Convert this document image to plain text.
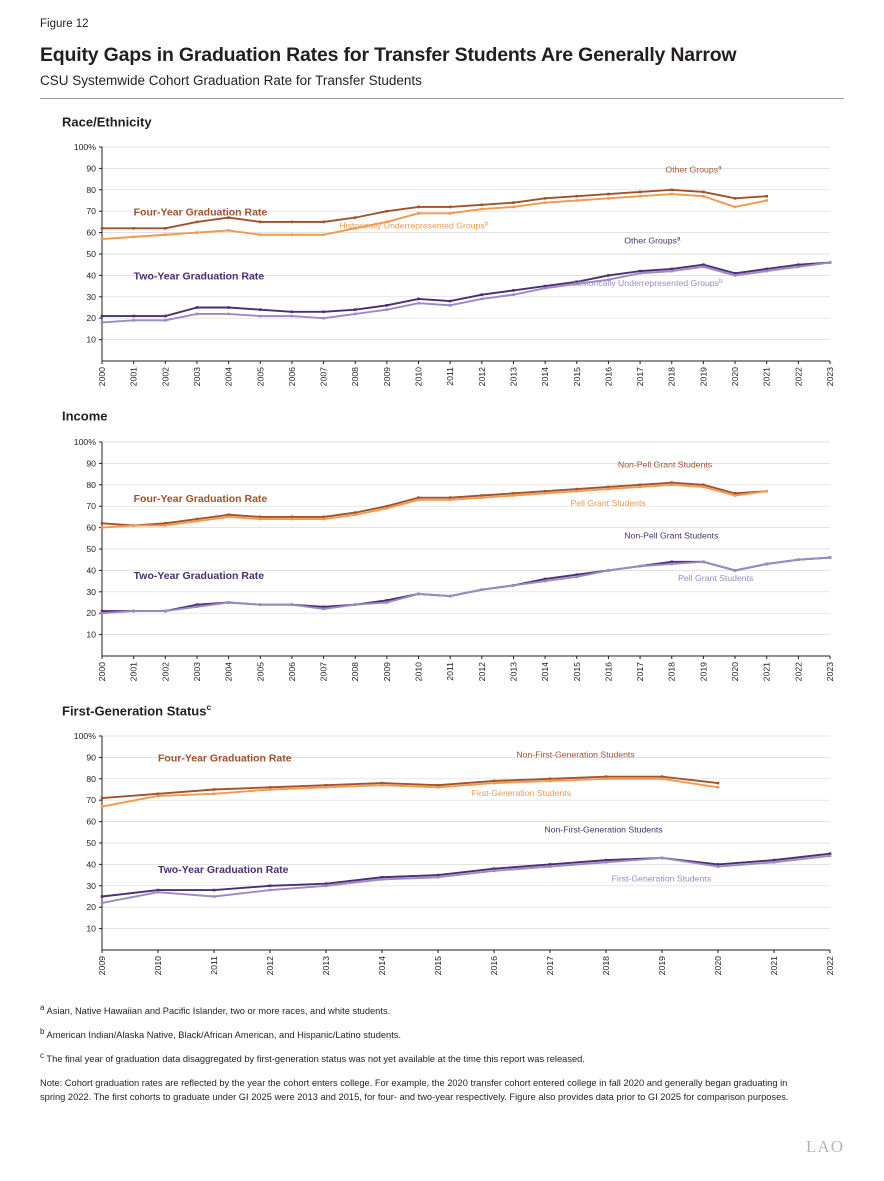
Figure 12
Equity Gaps in Graduation Rates for Transfer Students Are Generally Narrow
CSU Systemwide Cohort Graduation Rate for Transfer Students
Race/Ethnicity
10
20
30
40
50
60
70
80
90
100%
2000 2001 2002 2003 2004 2005 2006 2007 2008 2009 2010 2011 2012 2013 2014 2015 2016 2017 2018 2019 2020 2021 2022 2023
Other Groups$^a$
Historically Underrepresented Groups$^b$
Other Groups$^a$
Historically Underrepresented Groups$^b$
Four-Year Graduation Rate
Two-Year Graduation Rate
Income
10
20
30
40
50
60
70
80
90
100%
2000 2001 2002 2003 2004 2005 2006 2007 2008 2009 2010 2011 2012 2013 2014 2015 2016 2017 2018 2019 2020 2021 2022 2023
Non-Pell Grant Students
Pell Grant Students
Non-Pell Grant Students
Pell Grant Students
Four-Year Graduation Rate
Two-Year Graduation Rate
First-Generation Status$^c$
10
20
30
40
50
60
70
80
90
100%
2009	2010	2011	2012	2013	2014	2015	2016	2017	2018	2019	2020	2021	2022
Non-First-Generation Students
First-Generation Students
Non-First-Generation Students
First-Generation Students
Four-Year Graduation Rate
Two-Year Graduation Rate
$^a$ Asian, Native Hawaiian and Pacific Islander, two or more races, and white students.
$^b$ American Indian/Alaska Native, Black/African American, and Hispanic/Latino students.
$^c$ The final year of graduation data disaggregated by first-generation status was not yet available at the time this report was released.
Note: Cohort graduation rates are reflected by the year the cohort enters college. For example, the 2020 transfer cohort entered college in fall 2020 and generally began graduating in spring 2022. The first cohorts to graduate under GI 2025 were 2013 and 2015, for four- and two-year respectively. Figure also provides data prior to GI 2025 for comparison purposes.
LAO
